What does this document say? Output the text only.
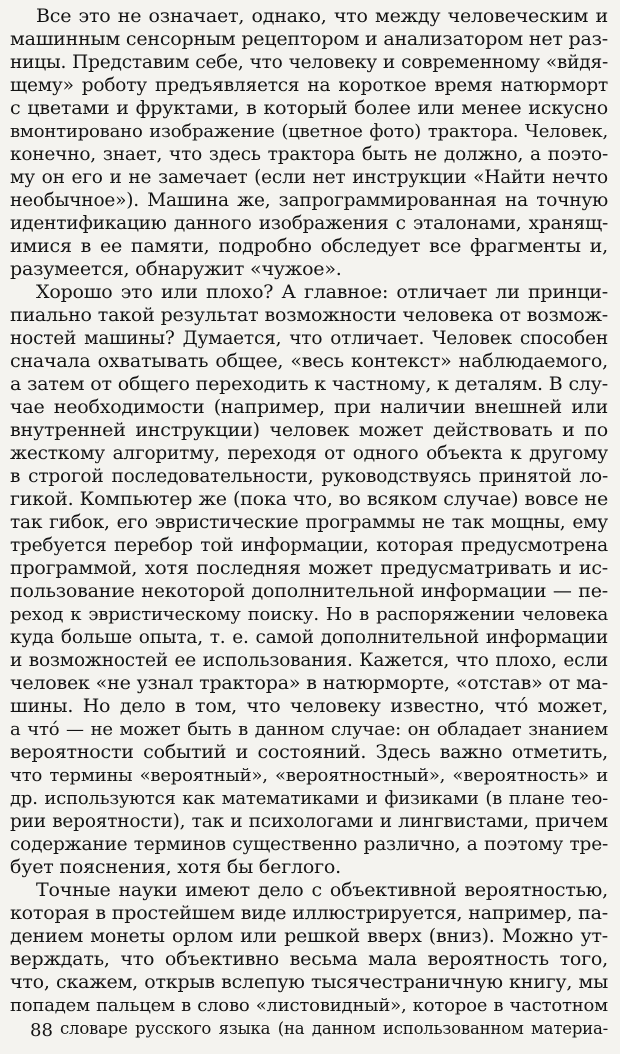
Все это не означает, однако, что между человеческим и
машинным сенсорным рецептором и анализатором нет раз-
ницы. Представим себе, что человеку и современному «вйдя-
щему» роботу предъявляется на короткое время натюрморт
с цветами и фруктами, в который более или менее искусно
вмонтировано изображение (цветное фото) трактора. Человек,
конечно, знает, что здесь трактора быть не должно, а поэто-
му он его и не замечает (если нет инструкции «Найти нечто
необычное»). Машина же, запрограммированная на точную
идентификацию данного изображения с эталонами, хранящ-
имися в ее памяти, подробно обследует все фрагменты и,
разумеется, обнаружит «чужое».
Хорошо это или плохо? А главное: отличает ли принци-
пиально такой результат возможности человека от возмож-
ностей машины? Думается, что отличает. Человек способен
сначала охватывать общее, «весь контекст» наблюдаемого,
а затем от общего переходить к частному, к деталям. В слу-
чае необходимости (например, при наличии внешней или
внутренней инструкции) человек может действовать и по
жесткому алгоритму, переходя от одного объекта к другому
в строгой последовательности, руководствуясь принятой ло-
гикой. Компьютер же (пока что, во всяком случае) вовсе не
так гибок, его эвристические программы не так мощны, ему
требуется перебор той информации, которая предусмотрена
программой, хотя последняя может предусматривать и ис-
пользование некоторой дополнительной информации — пе-
реход к эвристическому поиску. Но в распоряжении человека
куда больше опыта, т. е. самой дополнительной информации
и возможностей ее использования. Кажется, что плохо, если
человек «не узнал трактора» в натюрморте, «отстав» от ма-
шины. Но дело в том, что человеку известно, чтó может,
а чтó — не может быть в данном случае: он обладает знанием
вероятности событий и состояний. Здесь важно отметить,
что термины «вероятный», «вероятностный», «вероятность» и
др. используются как математиками и физиками (в плане тео-
рии вероятности), так и психологами и лингвистами, причем
содержание терминов существенно различно, а поэтому тре-
бует пояснения, хотя бы беглого.
Точные науки имеют дело с объективной вероятностью,
которая в простейшем виде иллюстрируется, например, па-
дением монеты орлом или решкой вверх (вниз). Можно ут-
верждать, что объективно весьма мала вероятность того,
что, скажем, открыв вслепую тысячестраничную книгу, мы
попадем пальцем в слово «листовидный», которое в частотном
словаре русского языка (на данном использованном материа-
88
